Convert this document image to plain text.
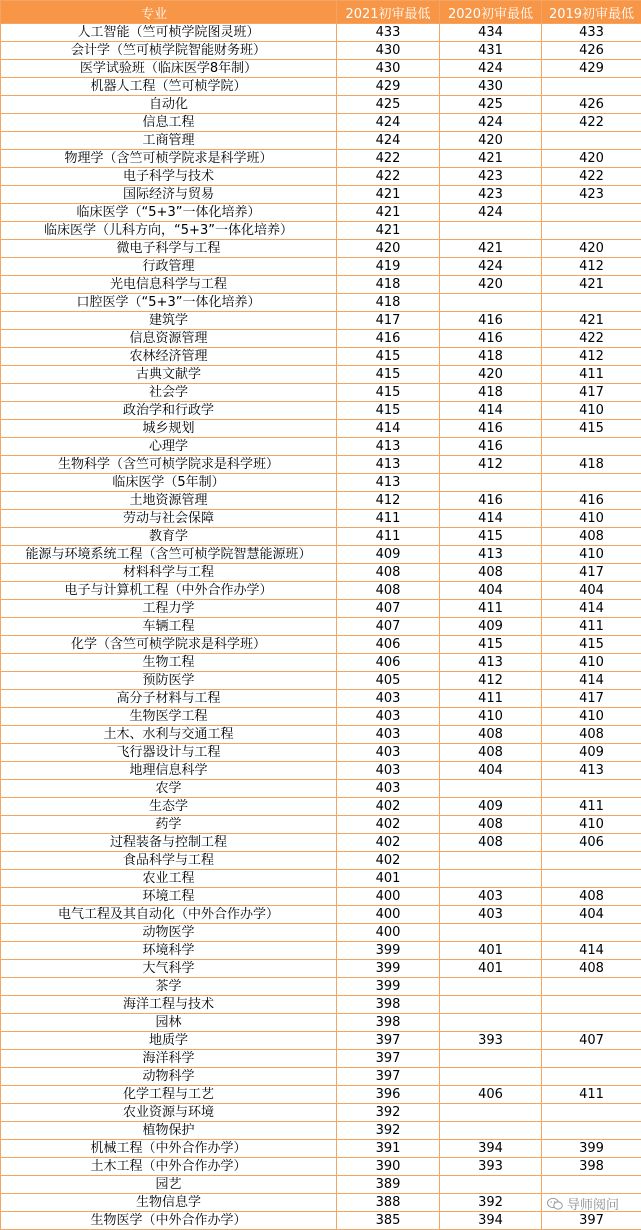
专业	2021初审最低	2020初审最低	2019初审最低
人工智能（竺可桢学院图灵班）	433	434	433
会计学（竺可桢学院智能财务班）	430	431	426
医学试验班（临床医学8年制）	430	424	429
机器人工程（竺可桢学院）	429	430	
自动化	425	425	426
信息工程	424	424	422
工商管理	424	420	
物理学（含竺可桢学院求是科学班）	422	421	420
电子科学与技术	422	423	422
国际经济与贸易	421	423	423
临床医学（“5+3”一体化培养）	421	424	
临床医学（儿科方向，“5+3”一体化培养）	421		
微电子科学与工程	420	421	420
行政管理	419	424	412
光电信息科学与工程	418	420	421
口腔医学（“5+3”一体化培养）	418		
建筑学	417	416	421
信息资源管理	416	416	422
农林经济管理	415	418	412
古典文献学	415	420	411
社会学	415	418	417
政治学和行政学	415	414	410
城乡规划	414	416	415
心理学	413	416	
生物科学（含竺可桢学院求是科学班）	413	412	418
临床医学（5年制）	413		
土地资源管理	412	416	416
劳动与社会保障	411	414	410
教育学	411	415	408
能源与环境系统工程（含竺可桢学院智慧能源班）	409	413	410
材料科学与工程	408	408	417
电子与计算机工程（中外合作办学）	408	404	404
工程力学	407	411	414
车辆工程	407	409	411
化学（含竺可桢学院求是科学班）	406	415	415
生物工程	406	413	410
预防医学	405	412	414
高分子材料与工程	403	411	417
生物医学工程	403	410	410
土木、水利与交通工程	403	408	408
飞行器设计与工程	403	408	409
地理信息科学	403	404	413
农学	403		
生态学	402	409	411
药学	402	408	410
过程装备与控制工程	402	408	406
食品科学与工程	402		
农业工程	401		
环境工程	400	403	408
电气工程及其自动化（中外合作办学）	400	403	404
动物医学	400		
环境科学	399	401	414
大气科学	399	401	408
茶学	399		
海洋工程与技术	398		
园林	398		
地质学	397	393	407
海洋科学	397		
动物科学	397		
化学工程与工艺	396	406	411
农业资源与环境	392		
植物保护	392		
机械工程（中外合作办学）	391	394	399
土木工程（中外合作办学）	390	393	398
园艺	389		
生物信息学	388	392	
生物医学（中外合作办学）	385	394	397
导师阅问
